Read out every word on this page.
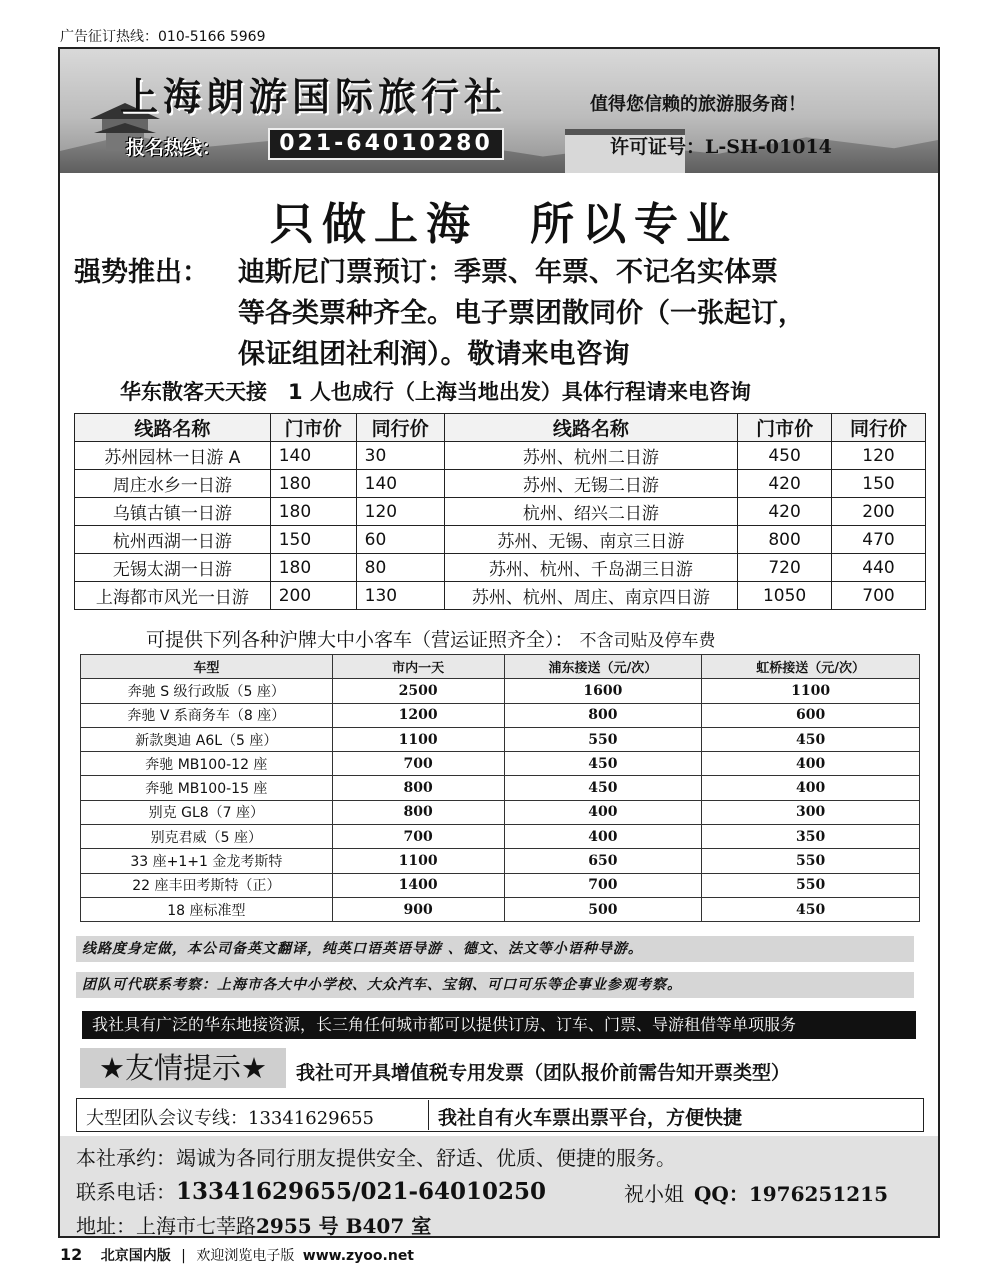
广告征订热线：010-5166 5969
上海朗游国际旅行社	值得您信赖的旅游服务商！
报名热线：	021-64010280	许可证号：L-SH-01014
只做上海　所以专业
强势推出： 迪斯尼门票预订：季票、年票、不记名实体票
等各类票种齐全。电子票团散同价（一张起订，
保证组团社利润）。敬请来电咨询
华东散客天天接　1 人也成行（上海当地出发）具体行程请来电咨询
线路名称	门市价	同行价	线路名称	门市价	同行价
苏州园林一日游 A	140	30	苏州、杭州二日游	450	120
周庄水乡一日游	180	140	苏州、无锡二日游	420	150
乌镇古镇一日游	180	120	杭州、绍兴二日游	420	200
杭州西湖一日游	150	60	苏州、无锡、南京三日游	800	470
无锡太湖一日游	180	80	苏州、杭州、千岛湖三日游	720	440
上海都市风光一日游	200	130	苏州、杭州、周庄、南京四日游	1050	700
可提供下列各种沪牌大中小客车（营运证照齐全）： 不含司贴及停车费
车型	市内一天	浦东接送（元/次）	虹桥接送（元/次）
奔驰 S 级行政版（5 座）	2500	1600	1100
奔驰 V 系商务车（8 座）	1200	800	600
新款奥迪 A6L（5 座）	1100	550	450
奔驰 MB100-12 座	700	450	400
奔驰 MB100-15 座	800	450	400
别克 GL8（7 座）	800	400	300
别克君威（5 座）	700	400	350
33 座+1+1 金龙考斯特	1100	650	550
22 座丰田考斯特（正）	1400	700	550
18 座标准型	900	500	450
线路度身定做，本公司备英文翻译，纯英口语英语导游 、德文、法文等小语种导游。
团队可代联系考察：上海市各大中小学校、大众汽车、宝钢、可口可乐等企事业参观考察。
我社具有广泛的华东地接资源，长三角任何城市都可以提供订房、订车、门票、导游租借等单项服务
★友情提示★	我社可开具增值税专用发票（团队报价前需告知开票类型）
大型团队会议专线：13341629655	我社自有火车票出票平台，方便快捷
本社承约：竭诚为各同行朋友提供安全、舒适、优质、便捷的服务。
联系电话：13341629655/021-64010250	祝小姐 QQ：1976251215
地址：上海市七莘路2955 号 B407 室
12 北京国内版 | 欢迎浏览电子版 www.zyoo.net
